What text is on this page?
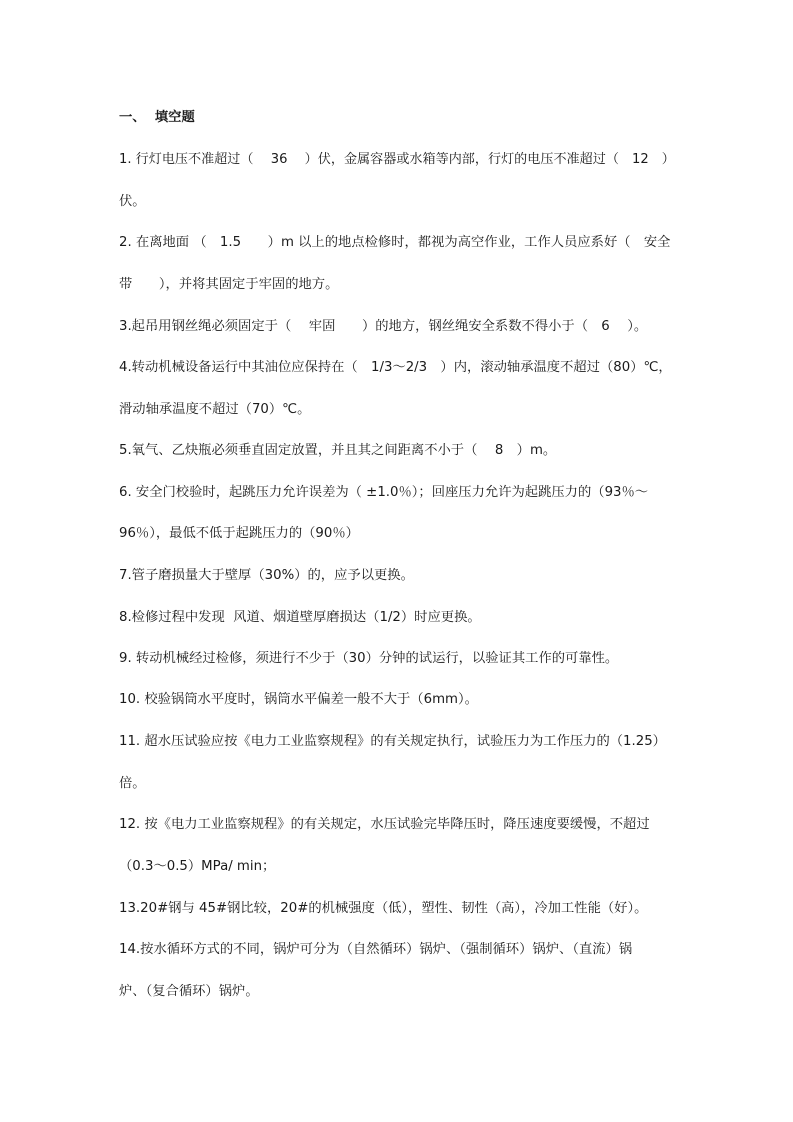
一、  填空题
1. 行灯电压不准超过（　 36 　）伏，金属容器或水箱等内部，行灯的电压不准超过（　12　）
伏。
2. 在离地面 （　1.5　　）m 以上的地点检修时，都视为高空作业，工作人员应系好（　安全
带　　），并将其固定于牢固的地方。
3.起吊用钢丝绳必须固定于（　 牢固　　）的地方，钢丝绳安全系数不得小于（　6　 ）。
4.转动机械设备运行中其油位应保持在（　1/3～2/3　）内，滚动轴承温度不超过（80）℃，
滑动轴承温度不超过（70）℃。
5.氧气、乙炔瓶必须垂直固定放置，并且其之间距离不小于（　 8　）m。
6. 安全门校验时，起跳压力允许误差为（ ±1.0％）；回座压力允许为起跳压力的（93％～
96％），最低不低于起跳压力的（90％）
7.管子磨损量大于壁厚（30%）的，应予以更换。
8.检修过程中发现  风道、烟道壁厚磨损达（1/2）时应更换。
9. 转动机械经过检修，须进行不少于（30）分钟的试运行，以验证其工作的可靠性。
10. 校验锅筒水平度时，锅筒水平偏差一般不大于（6mm）。
11. 超水压试验应按《电力工业监察规程》的有关规定执行，试验压力为工作压力的（1.25）
倍。
12. 按《电力工业监察规程》的有关规定，水压试验完毕降压时，降压速度要缓慢，不超过
（0.3～0.5）MPa/ min；
13.20#钢与 45#钢比较，20#的机械强度（低），塑性、韧性（高），冷加工性能（好）。
14.按水循环方式的不同，锅炉可分为（自然循环）锅炉、（强制循环）锅炉、（直流）锅
炉、（复合循环）锅炉。
